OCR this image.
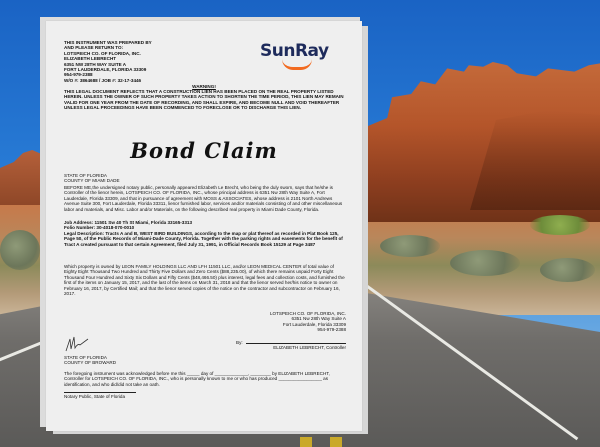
THIS INSTRUMENT WAS PREPARED BY
AND PLEASE RETURN TO:
LOTSPEICH CO. OF FLORIDA, INC.
ELIZABETH LEBRECHT
6351 NW 28TH WAY SUITE A
FORT LAUDERDALE, FLORIDA 33309
954-979-2388
W/O #: 3864688 / JOB #: 32-17-3446
SunRay
WARNING!
THIS LEGAL DOCUMENT REFLECTS THAT A CONSTRUCTION LIEN HAS BEEN PLACED ON THE REAL PROPERTY LISTED HEREIN. UNLESS THE OWNER OF SUCH PROPERTY TAKES ACTION TO SHORTEN THE TIME PERIOD, THIS LIEN MAY REMAIN VALID FOR ONE YEAR FROM THE DATE OF RECORDING, AND SHALL EXPIRE, AND BECOME NULL AND VOID THEREAFTER UNLESS LEGAL PROCEEDINGS HAVE BEEN COMMENCED TO FORECLOSE OR TO DISCHARGE THIS LIEN.
Bond Claim
STATE OF FLORIDA
COUNTY OF MIAMI DADE
BEFORE ME,the undersigned notary public, personally appeared Elizabeth Le Brecht, who being the duly sworn, says that he/she is Controller of the lienor herein, LOTSPEICH CO. OF FLORIDA, INC., whose principal address is 6351 Nw 28th Way Suite A, Fort Lauderdale, Florida 33309, and that in pursuance of agreement with MOSS & ASSOCIATES, whose address is 2101 North Andrews Avenue Suite 300, Fort Lauderdale, Florida 33311, lienor furnished labor, services and/or materials consisting of and other miscellaneous labor and materials, and Misc. Labor and/or Materials, on the following described real property in Miami Dade County, Florida.
Job Address: 11501 Sw 40 Th St Miami, Florida 33165-3313
Folio Number: 30-4018-070-0010
Legal Description: Tracts A and B, WEST BIRD BUILDINGS, according to the map or plat thereof as recorded in Plat Book 125, Page 50, of the Public Records of Miami-Dade County, Florida. Together with the parking rights and easements for the benefit of Tract A created pursuant to that certain Agreement, filed July 31, 1991, in Official Records Book 15129 at Page 3487
Which property is owned by LEON FAMILY HOLDINGS LLC AND LFH 11501 LLC, and/or LEON MEDICAL CENTER of total value of Eighty Eight Thousand Two Hundred and Thirty Five Dollars and Zero Cents ($88,235.00), of which there remains unpaid Forty Eight Thousand Four Hundred and Sixty Six Dollars and Fifty Cents ($48,466.50) plus interest, legal fees and collection costs, and furnished the first of the items on January 15, 2017, and the last of the items on March 31, 2018 and that the lienor served her/his notice to owner on February 16, 2017, by Certified Mail; and that the lienor served copies of the notice on the contractor and subcontractor on February 16, 2017.
LOTSPEICH CO. OF FLORIDA, INC.
6351 Nw 28th Way Suite A
Fort Lauderdale, Florida 33309
954-979-2388
By:
ELIZABETH LEBRECHT, Controller
STATE OF FLORIDA
COUNTY OF BROWARD
The foregoing instrument was acknowledged before me this _____ day of _____________, ________ by ELIZABETH LEBRECHT, Controller for LOTSPEICH CO. OF FLORIDA, INC., who is personally known to me or who has produced _________________ as identification, and who did/did not take an oath.
Notary Public, State of Florida
